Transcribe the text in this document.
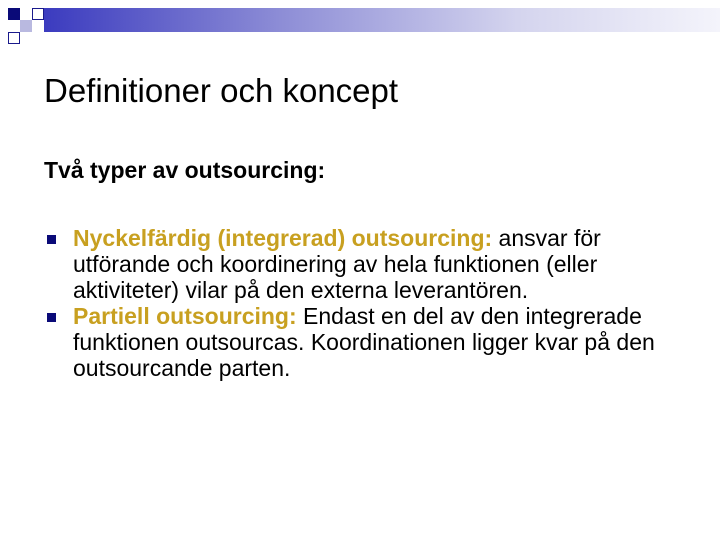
Definitioner och koncept

Två typer av outsourcing:

Nyckelfärdig (integrerad) outsourcing: ansvar för utförande och koordinering av hela funktionen (eller aktiviteter) vilar på den externa leverantören.
Partiell outsourcing: Endast en del av den integrerade funktionen outsourcas. Koordinationen ligger kvar på den outsourcande parten.
